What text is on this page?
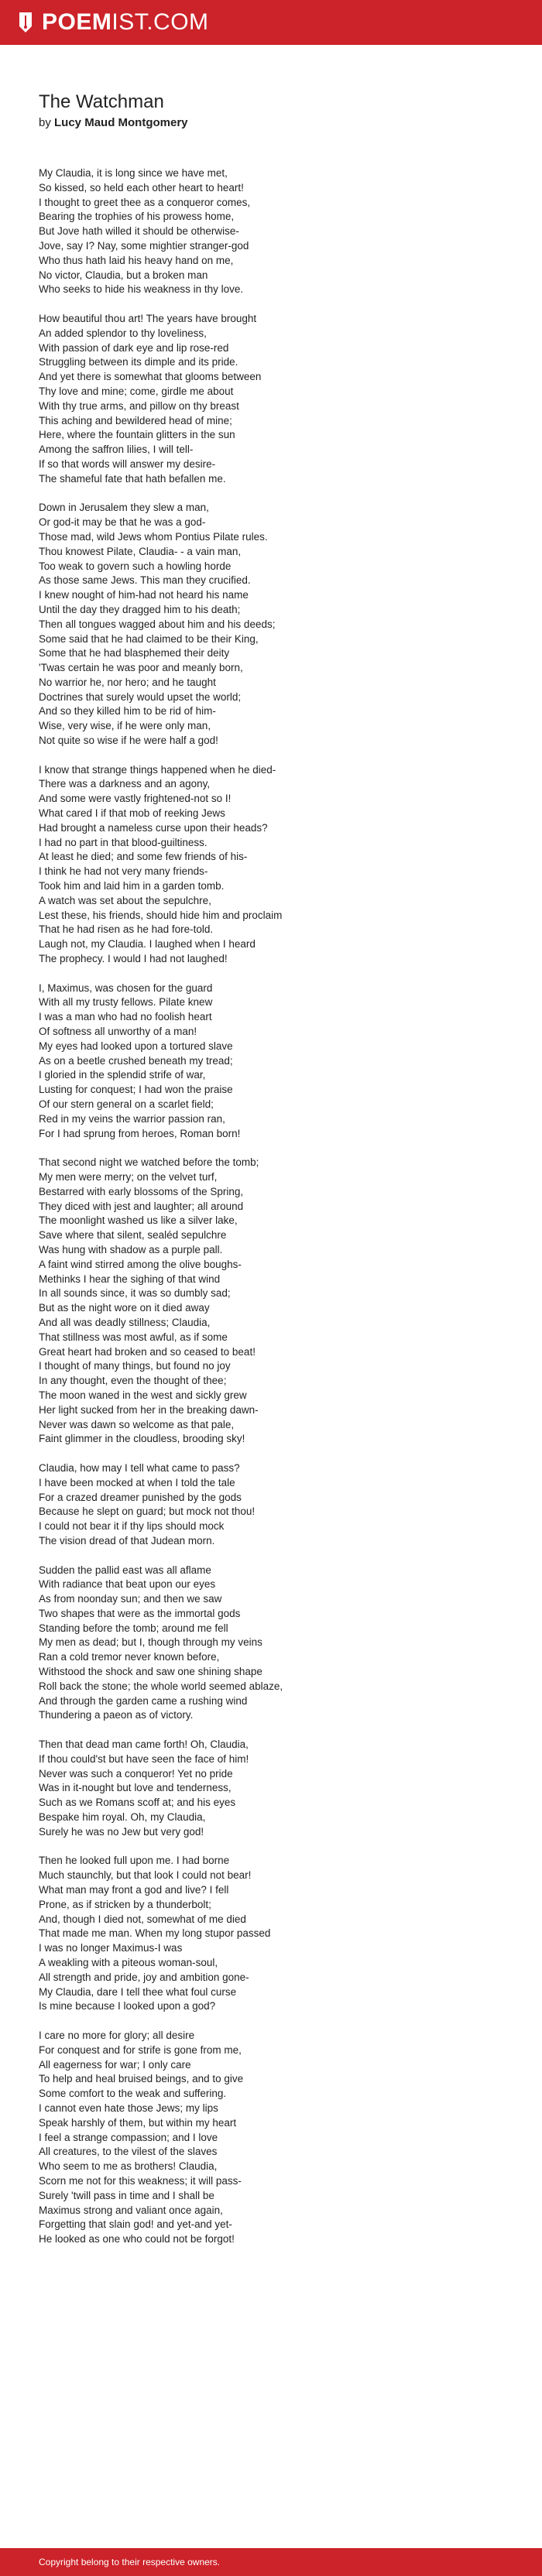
POEMIST.COM
The Watchman
by Lucy Maud Montgomery
My Claudia, it is long since we have met,
So kissed, so held each other heart to heart!
I thought to greet thee as a conqueror comes,
Bearing the trophies of his prowess home,
But Jove hath willed it should be otherwise-
Jove, say I? Nay, some mightier stranger-god
Who thus hath laid his heavy hand on me,
No victor, Claudia, but a broken man
Who seeks to hide his weakness in thy love.
How beautiful thou art! The years have brought
An added splendor to thy loveliness,
With passion of dark eye and lip rose-red
Struggling between its dimple and its pride.
And yet there is somewhat that glooms between
Thy love and mine; come, girdle me about
With thy true arms, and pillow on thy breast
This aching and bewildered head of mine;
Here, where the fountain glitters in the sun
Among the saffron lilies, I will tell-
If so that words will answer my desire-
The shameful fate that hath befallen me.
Down in Jerusalem they slew a man,
Or god-it may be that he was a god-
Those mad, wild Jews whom Pontius Pilate rules.
Thou knowest Pilate, Claudia- - a vain man,
Too weak to govern such a howling horde
As those same Jews. This man they crucified.
I knew nought of him-had not heard his name
Until the day they dragged him to his death;
Then all tongues wagged about him and his deeds;
Some said that he had claimed to be their King,
Some that he had blasphemed their deity
'Twas certain he was poor and meanly born,
No warrior he, nor hero; and he taught
Doctrines that surely would upset the world;
And so they killed him to be rid of him-
Wise, very wise, if he were only man,
Not quite so wise if he were half a god!
I know that strange things happened when he died-
There was a darkness and an agony,
And some were vastly frightened-not so I!
What cared I if that mob of reeking Jews
Had brought a nameless curse upon their heads?
I had no part in that blood-guiltiness.
At least he died; and some few friends of his-
I think he had not very many friends-
Took him and laid him in a garden tomb.
A watch was set about the sepulchre,
Lest these, his friends, should hide him and proclaim
That he had risen as he had fore-told.
Laugh not, my Claudia. I laughed when I heard
The prophecy. I would I had not laughed!
I, Maximus, was chosen for the guard
With all my trusty fellows. Pilate knew
I was a man who had no foolish heart
Of softness all unworthy of a man!
My eyes had looked upon a tortured slave
As on a beetle crushed beneath my tread;
I gloried in the splendid strife of war,
Lusting for conquest; I had won the praise
Of our stern general on a scarlet field;
Red in my veins the warrior passion ran,
For I had sprung from heroes, Roman born!
That second night we watched before the tomb;
My men were merry; on the velvet turf,
Bestarred with early blossoms of the Spring,
They diced with jest and laughter; all around
The moonlight washed us like a silver lake,
Save where that silent, sealéd sepulchre
Was hung with shadow as a purple pall.
A faint wind stirred among the olive boughs-
Methinks I hear the sighing of that wind
In all sounds since, it was so dumbly sad;
But as the night wore on it died away
And all was deadly stillness; Claudia,
That stillness was most awful, as if some
Great heart had broken and so ceased to beat!
I thought of many things, but found no joy
In any thought, even the thought of thee;
The moon waned in the west and sickly grew
Her light sucked from her in the breaking dawn-
Never was dawn so welcome as that pale,
Faint glimmer in the cloudless, brooding sky!
Claudia, how may I tell what came to pass?
I have been mocked at when I told the tale
For a crazed dreamer punished by the gods
Because he slept on guard; but mock not thou!
I could not bear it if thy lips should mock
The vision dread of that Judean morn.
Sudden the pallid east was all aflame
With radiance that beat upon our eyes
As from noonday sun; and then we saw
Two shapes that were as the immortal gods
Standing before the tomb; around me fell
My men as dead; but I, though through my veins
Ran a cold tremor never known before,
Withstood the shock and saw one shining shape
Roll back the stone; the whole world seemed ablaze,
And through the garden came a rushing wind
Thundering a paeon as of victory.
Then that dead man came forth! Oh, Claudia,
If thou could'st but have seen the face of him!
Never was such a conqueror! Yet no pride
Was in it-nought but love and tenderness,
Such as we Romans scoff at; and his eyes
Bespake him royal. Oh, my Claudia,
Surely he was no Jew but very god!
Then he looked full upon me. I had borne
Much staunchly, but that look I could not bear!
What man may front a god and live? I fell
Prone, as if stricken by a thunderbolt;
And, though I died not, somewhat of me died
That made me man. When my long stupor passed
I was no longer Maximus-I was
A weakling with a piteous woman-soul,
All strength and pride, joy and ambition gone-
My Claudia, dare I tell thee what foul curse
Is mine because I looked upon a god?
I care no more for glory; all desire
For conquest and for strife is gone from me,
All eagerness for war; I only care
To help and heal bruised beings, and to give
Some comfort to the weak and suffering.
I cannot even hate those Jews; my lips
Speak harshly of them, but within my heart
I feel a strange compassion; and I love
All creatures, to the vilest of the slaves
Who seem to me as brothers! Claudia,
Scorn me not for this weakness; it will pass-
Surely 'twill pass in time and I shall be
Maximus strong and valiant once again,
Forgetting that slain god! and yet-and yet-
He looked as one who could not be forgot!
Copyright belong to their respective owners.
